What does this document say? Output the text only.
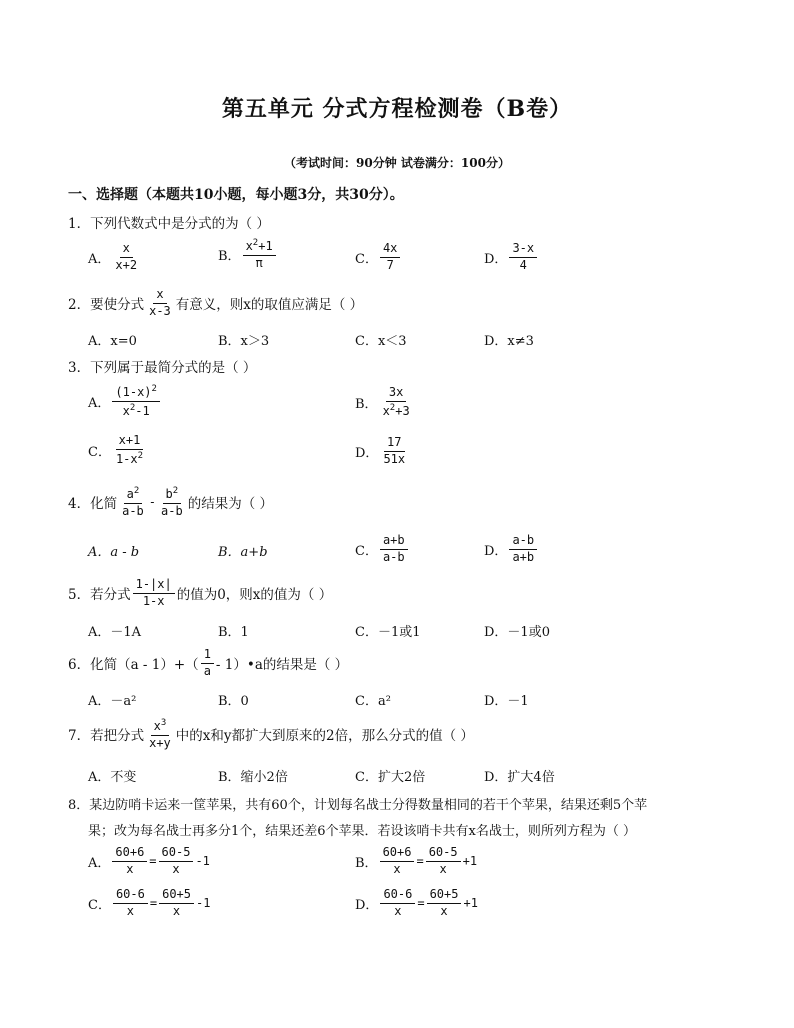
第五单元 分式方程检测卷（B卷）
（考试时间：90分钟 试卷满分：100分）
一、选择题（本题共10小题，每小题3分，共30分）。
1．下列代数式中是分式的为（ ）
A． $\frac{x}{x+2}$	B． $\frac{x^2+1}{\pi}$	C． $\frac{4x}{7}$	D． $\frac{3-x}{4}$
2．要使分式 $\frac{x}{x-3}$ 有意义，则x的取值应满足（ ）
A．x=0	B．x＞3	C．x＜3	D．x≠3
3．下列属于最简分式的是（ ）
A． $\frac{(1-x)^2}{x^2-1}$	B． $\frac{3x}{x^2+3}$
C． $\frac{x+1}{1-x^2}$	D． $\frac{17}{51x}$
4．化简 $\frac{a^2}{a-b} - \frac{b^2}{a-b}$ 的结果为（ ）
A．a - b	B．a+b	C． $\frac{a+b}{a-b}$	D． $\frac{a-b}{a+b}$
5．若分式 $\frac{1-|x|}{1-x}$ 的值为0，则x的值为（ ）
A．－1A	B．1	C．－1或1	D．－1或0
6．化简$(a - 1)+( \frac{1}{a}$ - 1）•a的结果是（ ）
A．－a²	B．0	C．a²	D．－1
7．若把分式 $\frac{x^3}{x+y}$ 中的x和y都扩大到原来的2倍，那么分式的值（ ）
A．不变	B．缩小2倍	C．扩大2倍	D．扩大4倍
8．某边防哨卡运来一筐苹果，共有60个，计划每名战士分得数量相同的若干个苹果，结果还剩5个苹
果；改为每名战士再多分1个，结果还差6个苹果．若设该哨卡共有x名战士，则所列方程为（ ）
A． $\frac{60+6}{x} = \frac{60-5}{x} -1$	B． $\frac{60+6}{x} = \frac{60-5}{x} +1$
C． $\frac{60-6}{x} = \frac{60+5}{x} -1$	D． $\frac{60-6}{x} = \frac{60+5}{x} +1$
